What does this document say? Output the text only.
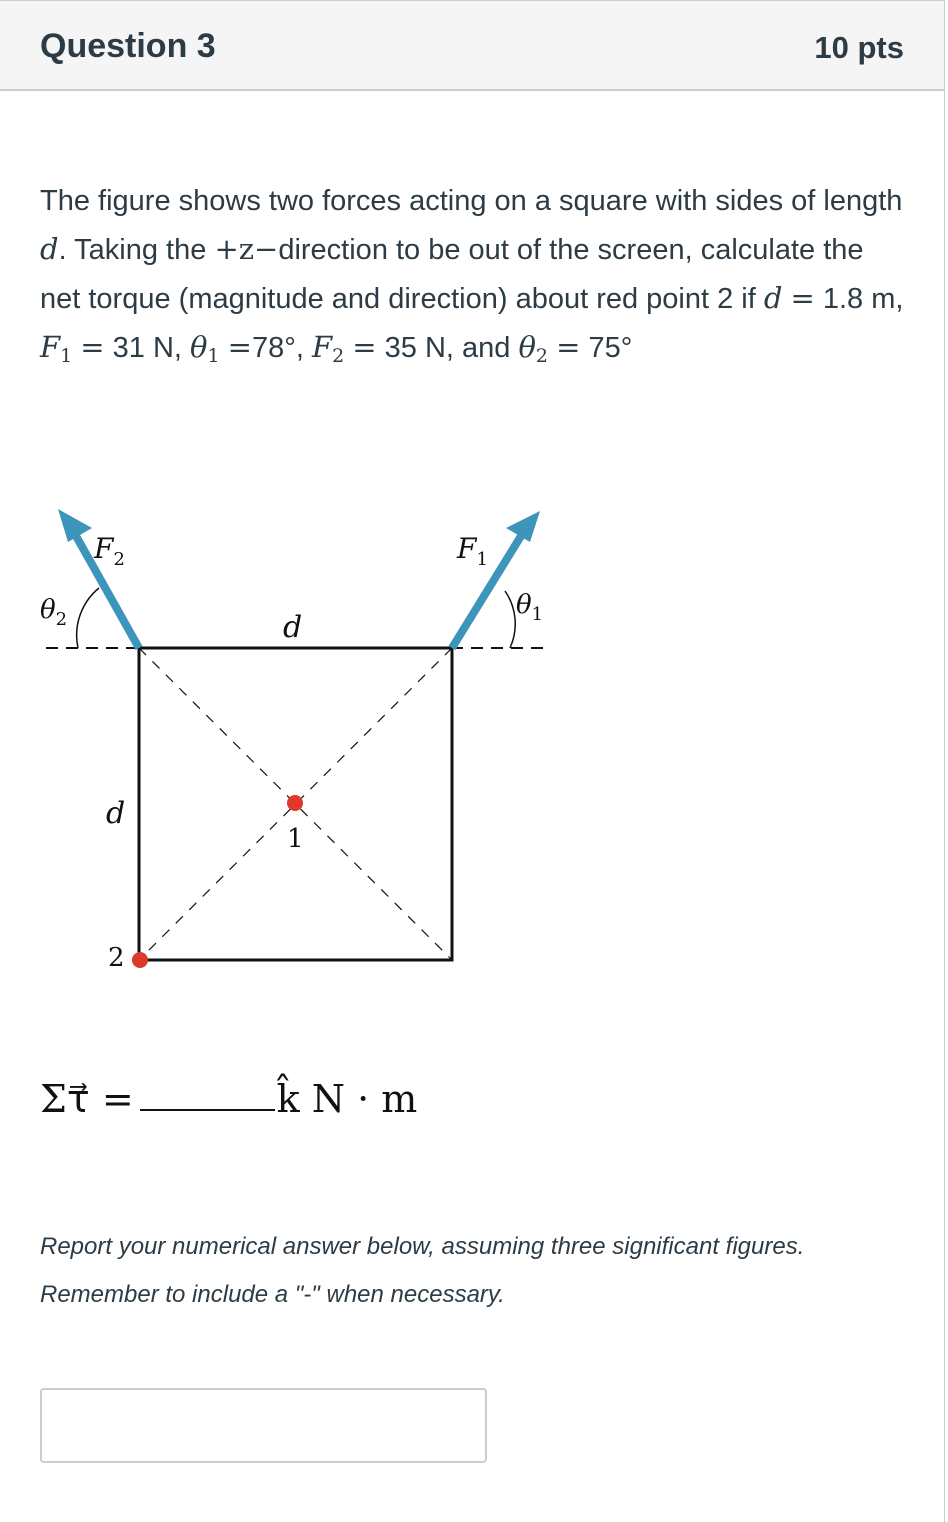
Question 3	10 pts
The figure shows two forces acting on a square with sides of length d. Taking the +z−direction to be out of the screen, calculate the net torque (magnitude and direction) about red point 2 if d = 1.8 m, $F_1 = 31$ N, $\theta_1 =78^\circ$, $F_2 = 35$ N, and $\theta_2 = 75^\circ$
$F_2$	$F_1$
$\theta_2$	$\theta_1$
d
d
1
2
Στ⃗ =	k̂ N · m
Report your numerical answer below, assuming three significant figures.
Remember to include a "-" when necessary.
